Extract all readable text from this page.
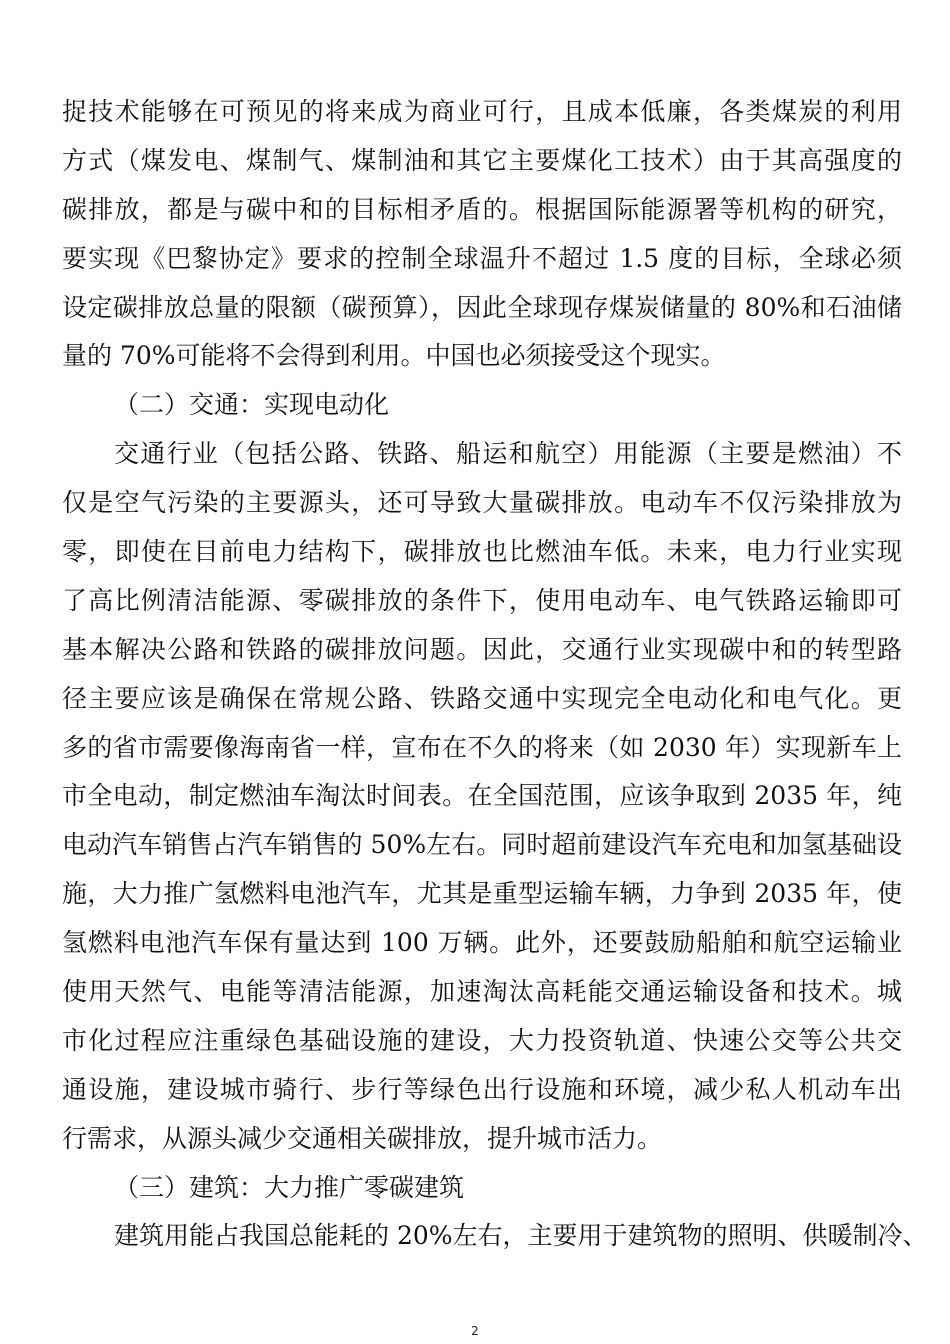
捉技术能够在可预见的将来成为商业可行，且成本低廉，各类煤炭的利用
方式（煤发电、煤制气、煤制油和其它主要煤化工技术）由于其高强度的
碳排放，都是与碳中和的目标相矛盾的。根据国际能源署等机构的研究，
要实现《巴黎协定》要求的控制全球温升不超过 1.5 度的目标，全球必须
设定碳排放总量的限额（碳预算），因此全球现存煤炭储量的 80%和石油储
量的 70%可能将不会得到利用。中国也必须接受这个现实。
（二）交通：实现电动化
交通行业（包括公路、铁路、船运和航空）用能源（主要是燃油）不
仅是空气污染的主要源头，还可导致大量碳排放。电动车不仅污染排放为
零，即使在目前电力结构下，碳排放也比燃油车低。未来，电力行业实现
了高比例清洁能源、零碳排放的条件下，使用电动车、电气铁路运输即可
基本解决公路和铁路的碳排放问题。因此，交通行业实现碳中和的转型路
径主要应该是确保在常规公路、铁路交通中实现完全电动化和电气化。更
多的省市需要像海南省一样，宣布在不久的将来（如 2030 年）实现新车上
市全电动，制定燃油车淘汰时间表。在全国范围，应该争取到 2035 年，纯
电动汽车销售占汽车销售的 50%左右。同时超前建设汽车充电和加氢基础设
施，大力推广氢燃料电池汽车，尤其是重型运输车辆，力争到 2035 年，使
氢燃料电池汽车保有量达到 100 万辆。此外，还要鼓励船舶和航空运输业
使用天然气、电能等清洁能源，加速淘汰高耗能交通运输设备和技术。城
市化过程应注重绿色基础设施的建设，大力投资轨道、快速公交等公共交
通设施，建设城市骑行、步行等绿色出行设施和环境，减少私人机动车出
行需求，从源头减少交通相关碳排放，提升城市活力。
（三）建筑：大力推广零碳建筑
建筑用能占我国总能耗的 20%左右，主要用于建筑物的照明、供暖制冷、
2
